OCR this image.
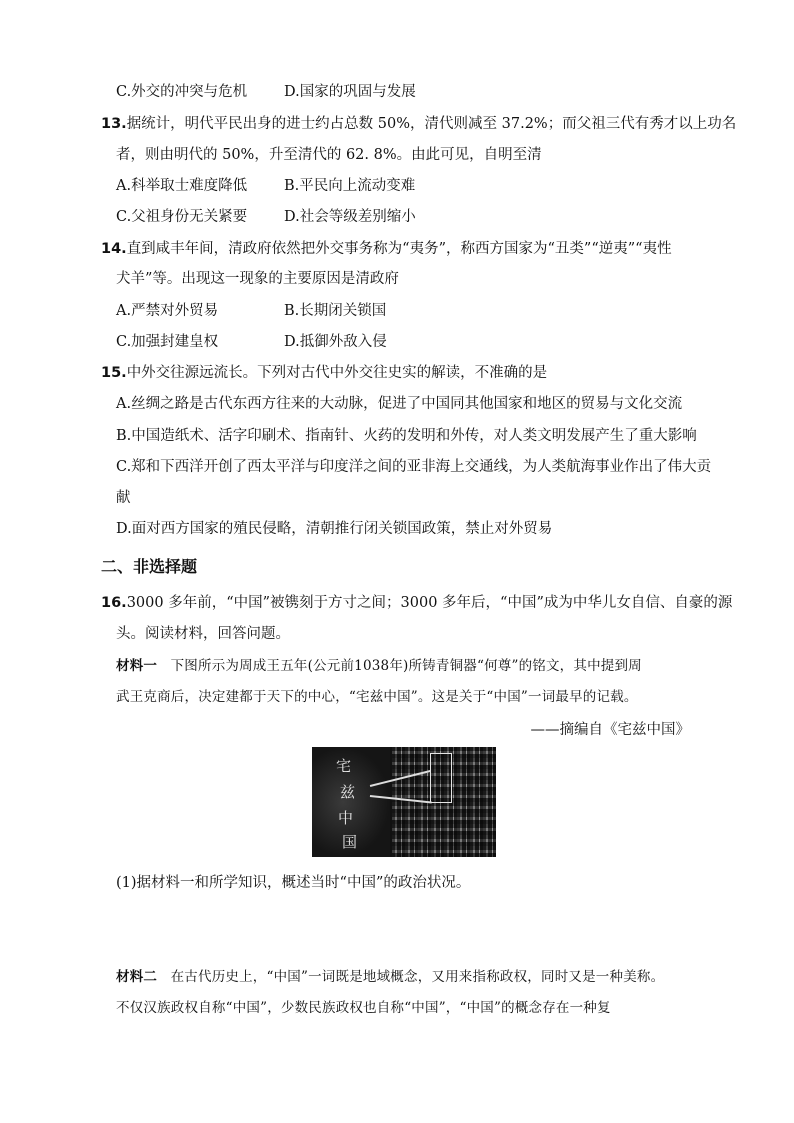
C.外交的冲突与危机	D.国家的巩固与发展
13.据统计，明代平民出身的进士约占总数 50%，清代则减至 37.2%；而父祖三代有秀才以上功名
者，则由明代的 50%，升至清代的 62. 8%。由此可见，自明至清
A.科举取士难度降低	B.平民向上流动变难
C.父祖身份无关紧要	D.社会等级差别缩小
14.直到咸丰年间，清政府依然把外交事务称为“夷务”，称西方国家为“丑类”“逆夷”“夷性
犬羊”等。出现这一现象的主要原因是清政府
A.严禁对外贸易	B.长期闭关锁国
C.加强封建皇权	D.抵御外敌入侵
15.中外交往源远流长。下列对古代中外交往史实的解读，不准确的是
A.丝绸之路是古代东西方往来的大动脉，促进了中国同其他国家和地区的贸易与文化交流
B.中国造纸术、活字印刷术、指南针、火药的发明和外传，对人类文明发展产生了重大影响
C.郑和下西洋开创了西太平洋与印度洋之间的亚非海上交通线，为人类航海事业作出了伟大贡
献
D.面对西方国家的殖民侵略，清朝推行闭关锁国政策，禁止对外贸易
二、非选择题
16.3000 多年前，“中国”被镌刻于方寸之间；3000 多年后，“中国”成为中华儿女自信、自豪的源
头。阅读材料，回答问题。
材料一 下图所示为周成王五年(公元前1038年)所铸青铜器“何尊”的铭文，其中提到周
武王克商后，决定建都于天下的中心，“宅兹中国”。这是关于“中国”一词最早的记载。
——摘编自《宅兹中国》
宅
兹
中
国
(1)据材料一和所学知识，概述当时“中国”的政治状况。
材料二 在古代历史上，“中国”一词既是地域概念，又用来指称政权，同时又是一种美称。
不仅汉族政权自称“中国”，少数民族政权也自称“中国”，“中国”的概念存在一种复
